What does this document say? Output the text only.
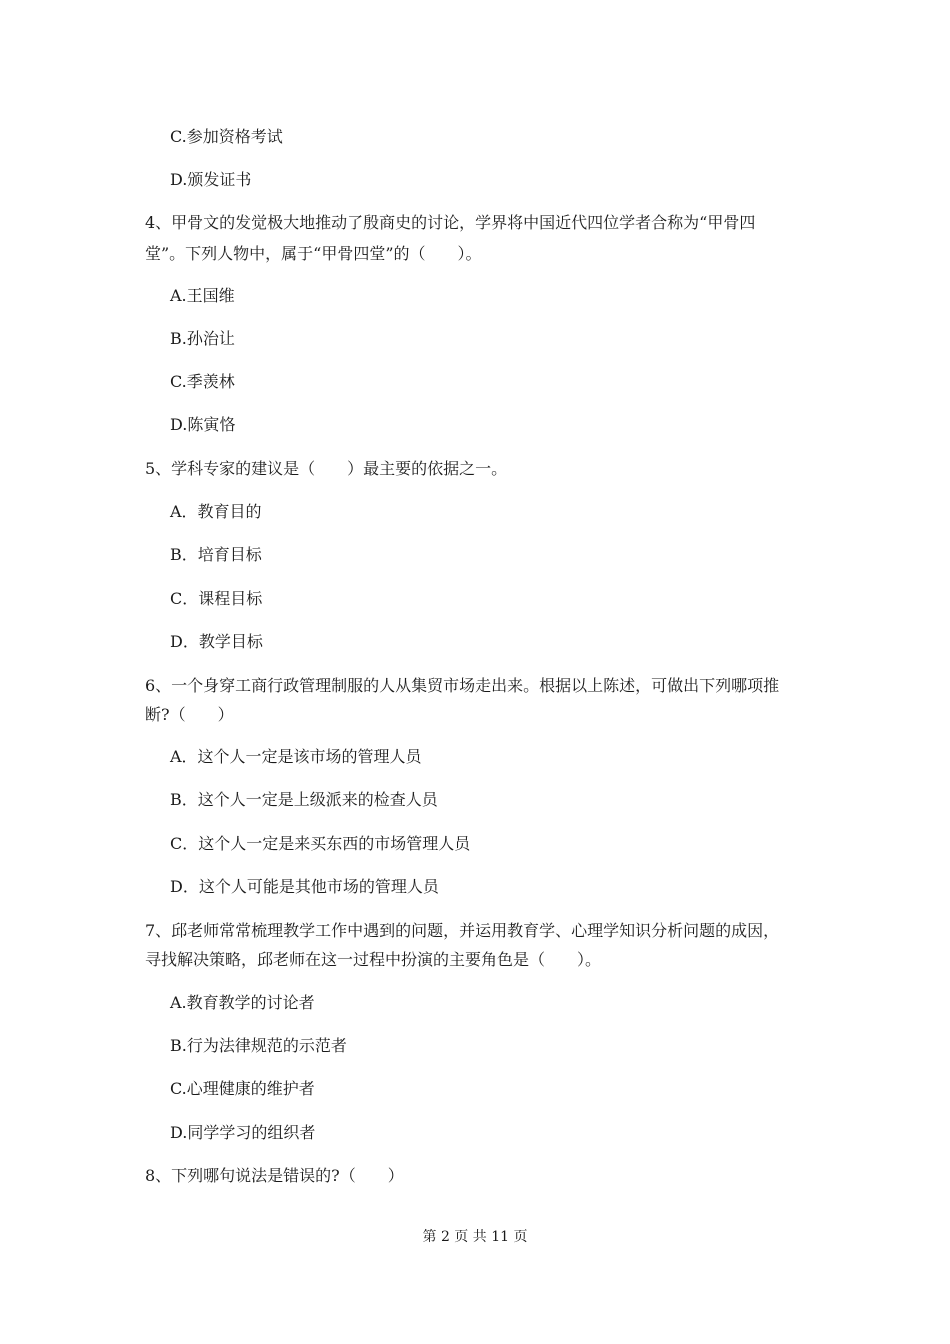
C.参加资格考试
D.颁发证书
4、甲骨文的发觉极大地推动了殷商史的讨论，学界将中国近代四位学者合称为“甲骨四
堂”。下列人物中，属于“甲骨四堂”的（　　）。
A.王国维
B.孙治让
C.季羡林
D.陈寅恪
5、学科专家的建议是（　　）最主要的依据之一。
A．教育目的
B．培育目标
C．课程目标
D．教学目标
6、一个身穿工商行政管理制服的人从集贸市场走出来。根据以上陈述，可做出下列哪项推
断?（　　）
A．这个人一定是该市场的管理人员
B．这个人一定是上级派来的检查人员
C．这个人一定是来买东西的市场管理人员
D．这个人可能是其他市场的管理人员
7、邱老师常常梳理教学工作中遇到的问题，并运用教育学、心理学知识分析问题的成因，
寻找解决策略，邱老师在这一过程中扮演的主要角色是（　　）。
A.教育教学的讨论者
B.行为法律规范的示范者
C.心理健康的维护者
D.同学学习的组织者
8、下列哪句说法是错误的?（　　）
第 2 页 共 11 页
